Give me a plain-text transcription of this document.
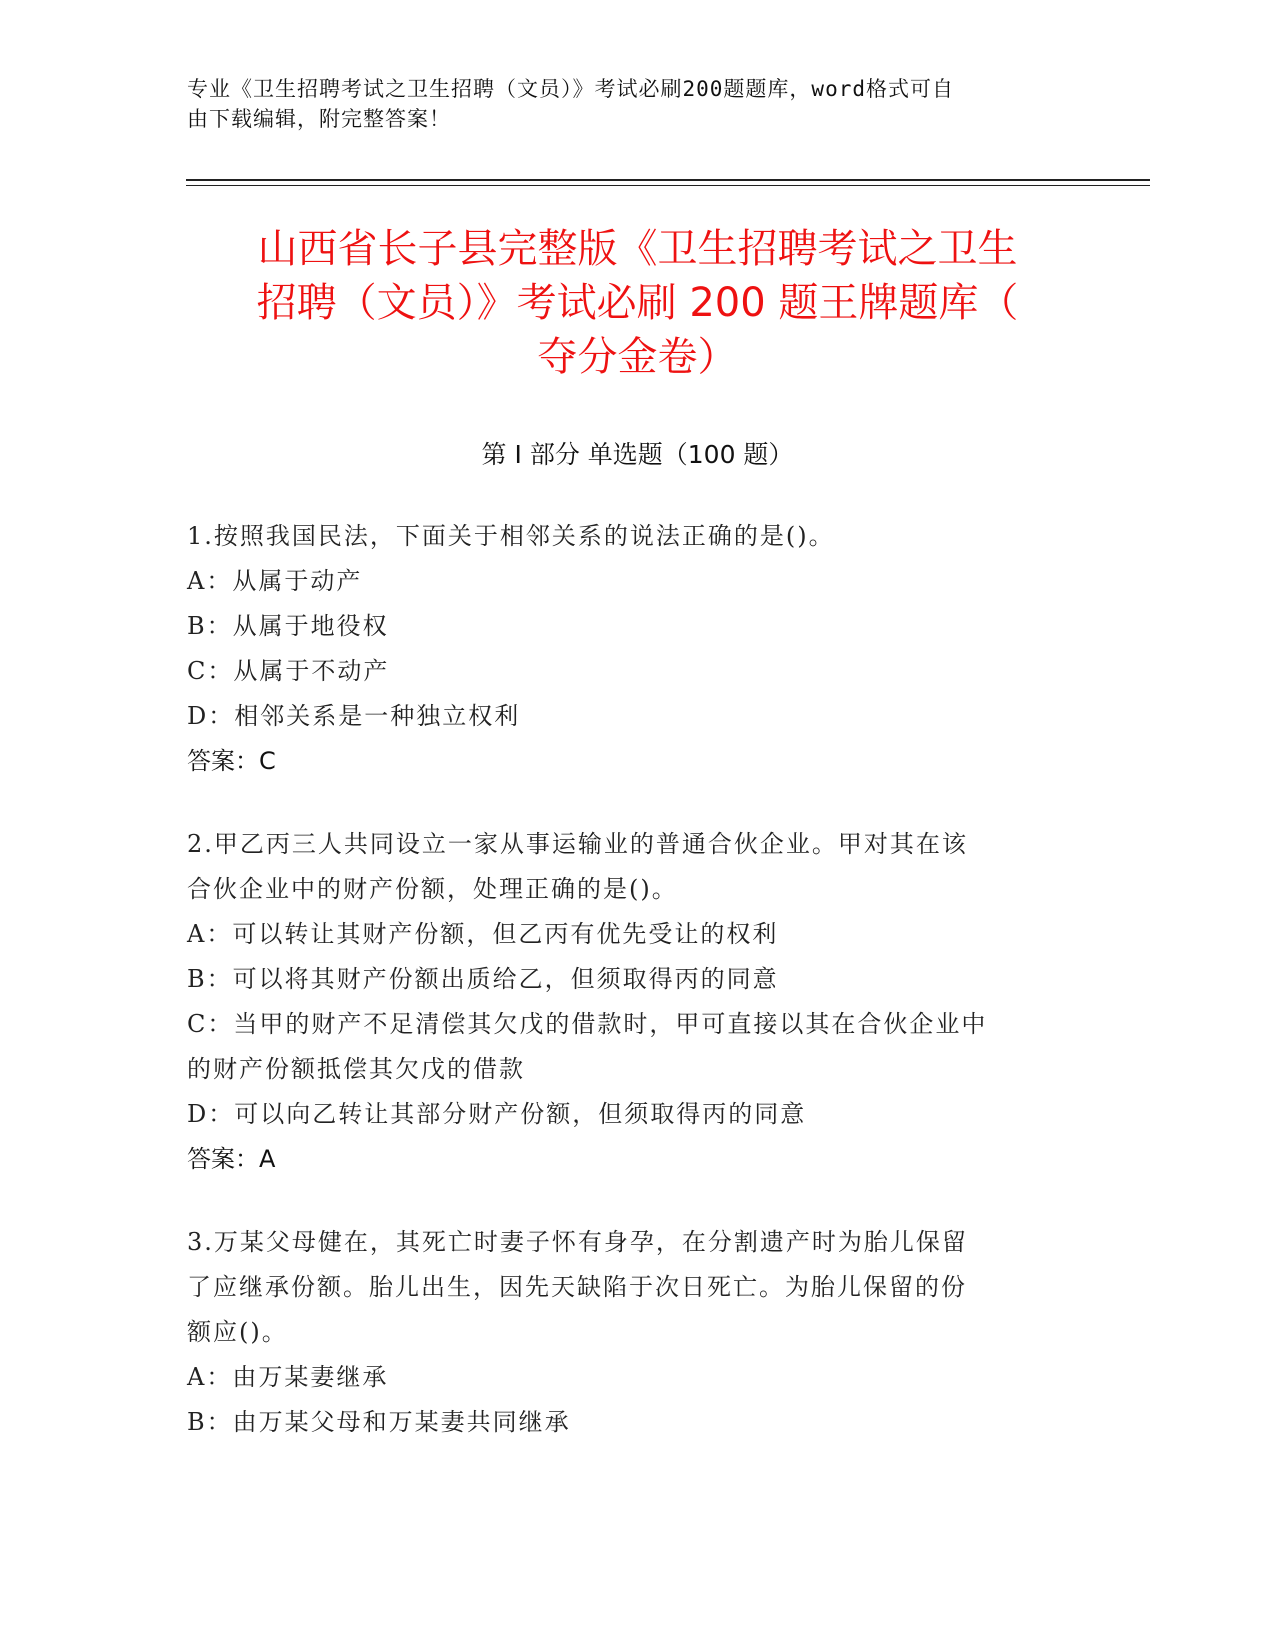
专业《卫生招聘考试之卫生招聘（文员）》考试必刷200题题库，word格式可自
由下载编辑，附完整答案！
山西省长子县完整版《卫生招聘考试之卫生
招聘（文员）》考试必刷 200 题王牌题库（
夺分金卷）
第 I 部分 单选题（100 题）
1.按照我国民法，下面关于相邻关系的说法正确的是()。
A：从属于动产
B：从属于地役权
C：从属于不动产
D：相邻关系是一种独立权利
答案：C
2.甲乙丙三人共同设立一家从事运输业的普通合伙企业。甲对其在该
合伙企业中的财产份额，处理正确的是()。
A：可以转让其财产份额，但乙丙有优先受让的权利
B：可以将其财产份额出质给乙，但须取得丙的同意
C：当甲的财产不足清偿其欠戊的借款时，甲可直接以其在合伙企业中
的财产份额抵偿其欠戊的借款
D：可以向乙转让其部分财产份额，但须取得丙的同意
答案：A
3.万某父母健在，其死亡时妻子怀有身孕，在分割遗产时为胎儿保留
了应继承份额。胎儿出生，因先天缺陷于次日死亡。为胎儿保留的份
额应()。
A：由万某妻继承
B：由万某父母和万某妻共同继承
